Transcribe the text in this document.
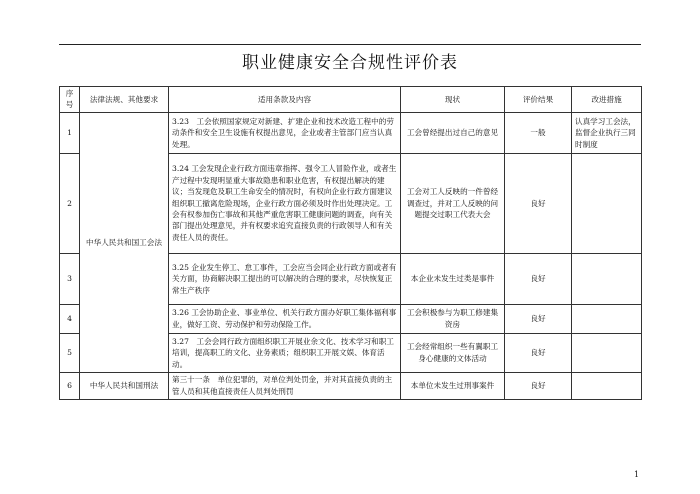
职业健康安全合规性评价表
序号	法律法规、其他要求	适用条款及内容	现状	评价结果	改进措施
1	中华人民共和国工会法	3.23　工会依照国家规定对新建、扩建企业和技术改造工程中的劳动条件和安全卫生设施有权提出意见，企业或者主管部门应当认真处理。	工会曾经提出过自己的意见	一般	认真学习工会法，监督企业执行三同时制度
2		3.24 工会发现企业行政方面违章指挥、强令工人冒险作业，或者生产过程中发现明显重大事故隐患和职业危害，有权提出解决的建议；当发现危及职工生命安全的情况时，有权向企业行政方面建议组织职工撤离危险现场，企业行政方面必须及时作出处理决定。工会有权参加伤亡事故和其他严重危害职工健康问题的调查，向有关部门提出处理意见，并有权要求追究直接负责的行政领导人和有关责任人员的责任。	工会对工人反映的一件曾经调查过，并对工人反映的问题提交过职工代表大会	良好	
3		3.25 企业发生停工、怠工事件，工会应当会同企业行政方面或者有关方面，协商解决职工提出的可以解决的合理的要求，尽快恢复正常生产秩序	本企业未发生过类是事件	良好	
4		3.26 工会协助企业、事业单位、机关行政方面办好职工集体福利事业，做好工资、劳动保护和劳动保险工作。	工会积极参与为职工修建集资房	良好	
5		3.27　工会会同行政方面组织职工开展业余文化、技术学习和职工培训，提高职工的文化、业务素质；组织职工开展文娱、体育活动。	工会经常组织一些有翼职工身心健康的文体活动	良好	
6	中华人民共和国刑法	第三十一条　单位犯罪的，对单位判处罚金，并对其直接负责的主管人员和其他直接责任人员判处刑罚	本单位未发生过刑事案件	良好	
1
